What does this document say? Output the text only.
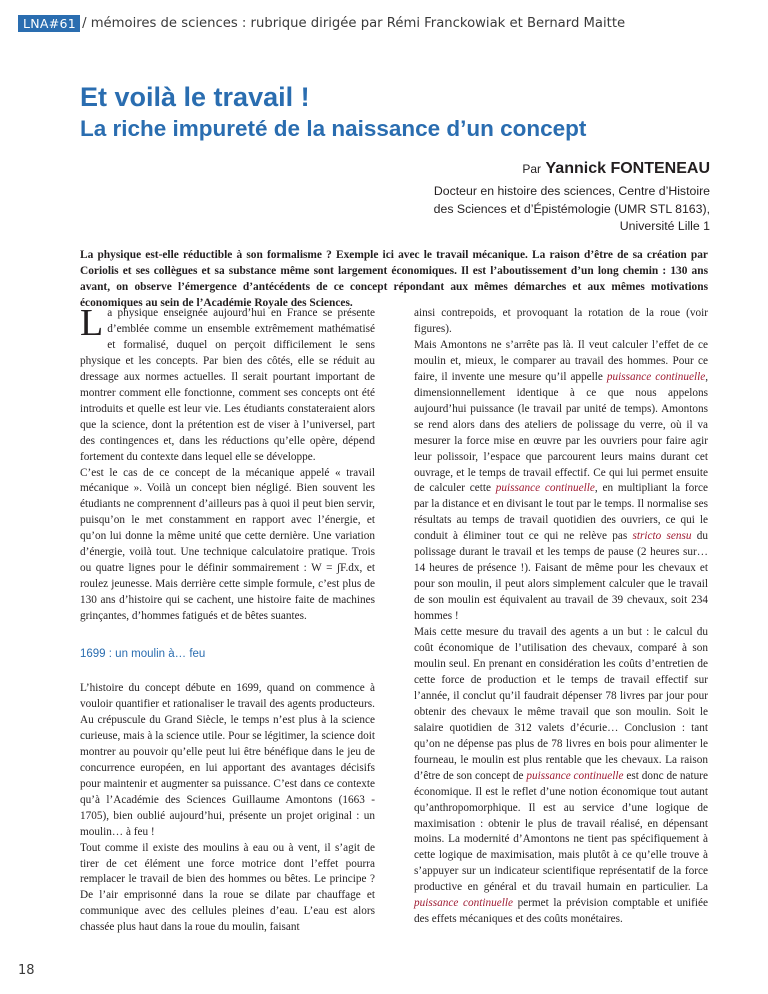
LNA#61 / mémoires de sciences : rubrique dirigée par Rémi Franckowiak et Bernard Maitte
Et voilà le travail !
La riche impureté de la naissance d’un concept
Par Yannick FONTENEAU
Docteur en histoire des sciences, Centre d’Histoire
des Sciences et d’Épistémologie (UMR STL 8163),
Université Lille 1

La physique est-elle réductible à son formalisme ? Exemple ici avec le travail mécanique. La raison d’être de sa création par Coriolis et ses collègues et sa substance même sont largement économiques. Il est l’aboutissement d’un long chemin : 130 ans avant, on observe l’émergence d’antécédents de ce concept répondant aux mêmes démarches et aux mêmes motivations économiques au sein de l’Académie Royale des Sciences.

La physique enseignée aujourd’hui en France se présente d’emblée comme un ensemble extrêmement mathématisé et formalisé, duquel on perçoit difficilement le sens physique et les concepts. Par bien des côtés, elle se réduit au dressage aux normes actuelles. Il serait pourtant important de montrer comment elle fonctionne, comment ses concepts ont été introduits et quelle est leur vie. Les étudiants constateraient alors que la science, dont la prétention est de viser à l’universel, part des contingences et, dans les réductions qu’elle opère, dépend fortement du contexte dans lequel elle se développe.

C’est le cas de ce concept de la mécanique appelé « travail mécanique ». Voilà un concept bien négligé. Bien souvent les étudiants ne comprennent d’ailleurs pas à quoi il peut bien servir, puisqu’on le met constamment en rapport avec l’énergie, et qu’on lui donne la même unité que cette dernière. Une variation d’énergie, voilà tout. Une technique calculatoire pratique. Trois ou quatre lignes pour le définir sommairement : W = ∫F.dx, et roulez jeunesse. Mais derrière cette simple formule, c’est plus de 130 ans d’histoire qui se cachent, une histoire faite de machines grinçantes, d’hommes fatigués et de bêtes suantes.

1699 : un moulin à… feu

L’histoire du concept débute en 1699, quand on commence à vouloir quantifier et rationaliser le travail des agents producteurs. Au crépuscule du Grand Siècle, le temps n’est plus à la science curieuse, mais à la science utile. Pour se légitimer, la science doit montrer au pouvoir qu’elle peut lui être bénéfique dans le jeu de concurrence européen, en lui apportant des avantages décisifs pour maintenir et augmenter sa puissance. C’est dans ce contexte qu’à l’Académie des Sciences Guillaume Amontons (1663 - 1705), bien oublié aujourd’hui, présente un projet original : un moulin… à feu !

Tout comme il existe des moulins à eau ou à vent, il s’agit de tirer de cet élément une force motrice dont l’effet pourra remplacer le travail de bien des hommes ou bêtes. Le principe ? De l’air emprisonné dans la roue se dilate par chauffage et communique avec des cellules pleines d’eau. L’eau est alors chassée plus haut dans la roue du moulin, faisant

ainsi contrepoids, et provoquant la rotation de la roue (voir figures).

Mais Amontons ne s’arrête pas là. Il veut calculer l’effet de ce moulin et, mieux, le comparer au travail des hommes. Pour ce faire, il invente une mesure qu’il appelle puissance continuelle, dimensionnellement identique à ce que nous appelons aujourd’hui puissance (le travail par unité de temps). Amontons se rend alors dans des ateliers de polissage du verre, où il va mesurer la force mise en œuvre par les ouvriers pour faire agir leur polissoir, l’espace que parcourent leurs mains durant cet ouvrage, et le temps de travail effectif. Ce qui lui permet ensuite de calculer cette puissance continuelle, en multipliant la force par la distance et en divisant le tout par le temps. Il normalise ses résultats au temps de travail quotidien des ouvriers, ce qui le conduit à éliminer tout ce qui ne relève pas stricto sensu du polissage durant le travail et les temps de pause (2 heures sur… 14 heures de présence !). Faisant de même pour les chevaux et pour son moulin, il peut alors simplement calculer que le travail de son moulin est équivalent au travail de 39 chevaux, soit 234 hommes !

Mais cette mesure du travail des agents a un but : le calcul du coût économique de l’utilisation des chevaux, comparé à son moulin seul. En prenant en considération les coûts d’entretien de cette force de production et le temps de travail effectif sur l’année, il conclut qu’il faudrait dépenser 78 livres par jour pour obtenir des chevaux le même travail que son moulin. Soit le salaire quotidien de 312 valets d’écurie… Conclusion : tant qu’on ne dépense pas plus de 78 livres en bois pour alimenter le fourneau, le moulin est plus rentable que les chevaux. La raison d’être de son concept de puissance continuelle est donc de nature économique. Il est le reflet d’une notion économique tout autant qu’anthropomorphique. Il est au service d’une logique de maximisation : obtenir le plus de travail réalisé, en dépensant moins. La modernité d’Amontons ne tient pas spécifiquement à cette logique de maximisation, mais plutôt à ce qu’elle trouve à s’appuyer sur un indicateur scientifique représentatif de la force productive en général et du travail humain en particulier. La puissance continuelle permet la prévision comptable et unifiée des effets mécaniques et des coûts monétaires.

18
